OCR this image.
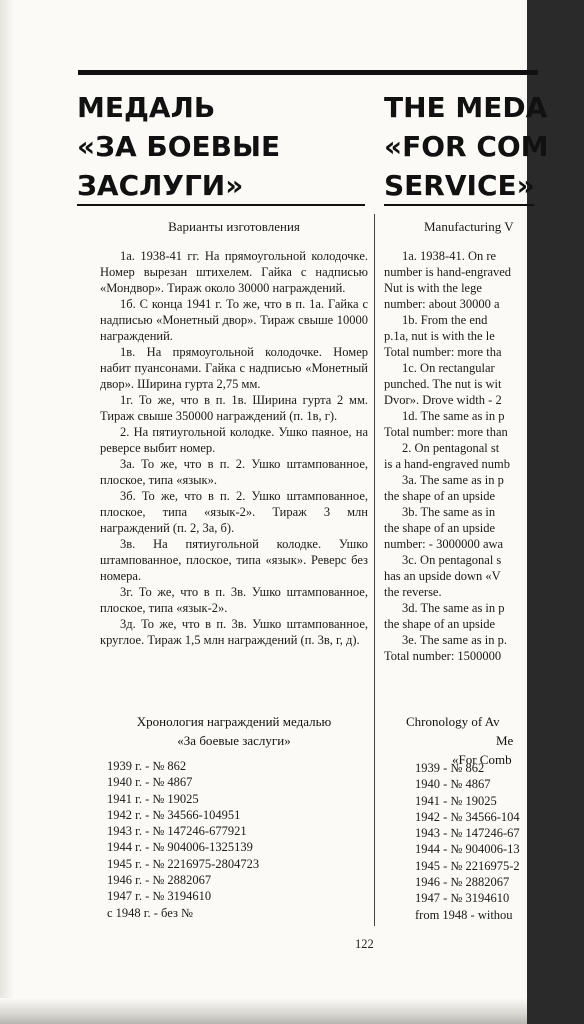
МЕДАЛЬ
«ЗА БОЕВЫЕ
ЗАСЛУГИ»
THE MEDA
«FOR COM
SERVICE»
Варианты изготовления

1а. 1938-41 гг. На прямоугольной колодочке. Номер вырезан штихелем. Гайка с надписью «Мондвор». Тираж около 30000 награждений.

1б. С конца 1941 г. То же, что в п. 1а. Гайка с надписью «Монетный двор». Тираж свыше 10000 награждений.

1в. На прямоугольной колодочке. Номер набит пуансонами. Гайка с надписью «Монетный двор». Ширина гурта 2,75 мм.

1г. То же, что в п. 1в. Ширина гурта 2 мм. Тираж свыше 350000 награждений (п. 1в, г).

2. На пятиугольной колодке. Ушко паяное, на реверсе выбит номер.

3а. То же, что в п. 2. Ушко штампованное, плоское, типа «язык».

3б. То же, что в п. 2. Ушко штампованное, плоское, типа «язык-2». Тираж 3 млн награждений (п. 2, 3а, б).

3в. На пятиугольной колодке. Ушко штампованное, плоское, типа «язык». Реверс без номера.

3г. То же, что в п. 3в. Ушко штампованное, плоское, типа «язык-2».

3д. То же, что в п. 3в. Ушко штампованное, круглое. Тираж 1,5 млн награждений (п. 3в, г, д).

Manufacturing V
1a. 1938-41. On re
number is hand-engraved
Nut is with the lege
number: about 30000 a
1b. From the end
p.1a, nut is with the le
Total number: more tha
1c. On rectangular
punched. The nut is wit
Dvor». Drove width - 2
1d. The same as in p
Total number: more than
2. On pentagonal st
is a hand-engraved numb
3a. The same as in p
the shape of an upside
3b. The same as in
the shape of an upside
number: - 3000000 awa
3c. On pentagonal s
has an upside down «V
the reverse.
3d. The same as in p
the shape of an upside
3e. The same as in p.
Total number: 1500000
Хронология награждений медалью
«За боевые заслуги»
Chronology of Av
Me
«For Comb
1939 г. - № 862
1940 г. - № 4867
1941 г. - № 19025
1942 г. - № 34566-104951
1943 г. - № 147246-677921
1944 г. - № 904006-1325139
1945 г. - № 2216975-2804723
1946 г. - № 2882067
1947 г. - № 3194610
с 1948 г. - без №
1939 - № 862
1940 - № 4867
1941 - № 19025
1942 - № 34566-104
1943 - № 147246-67
1944 - № 904006-13
1945 - № 2216975-2
1946 - № 2882067
1947 - № 3194610
from 1948 - withou
122
